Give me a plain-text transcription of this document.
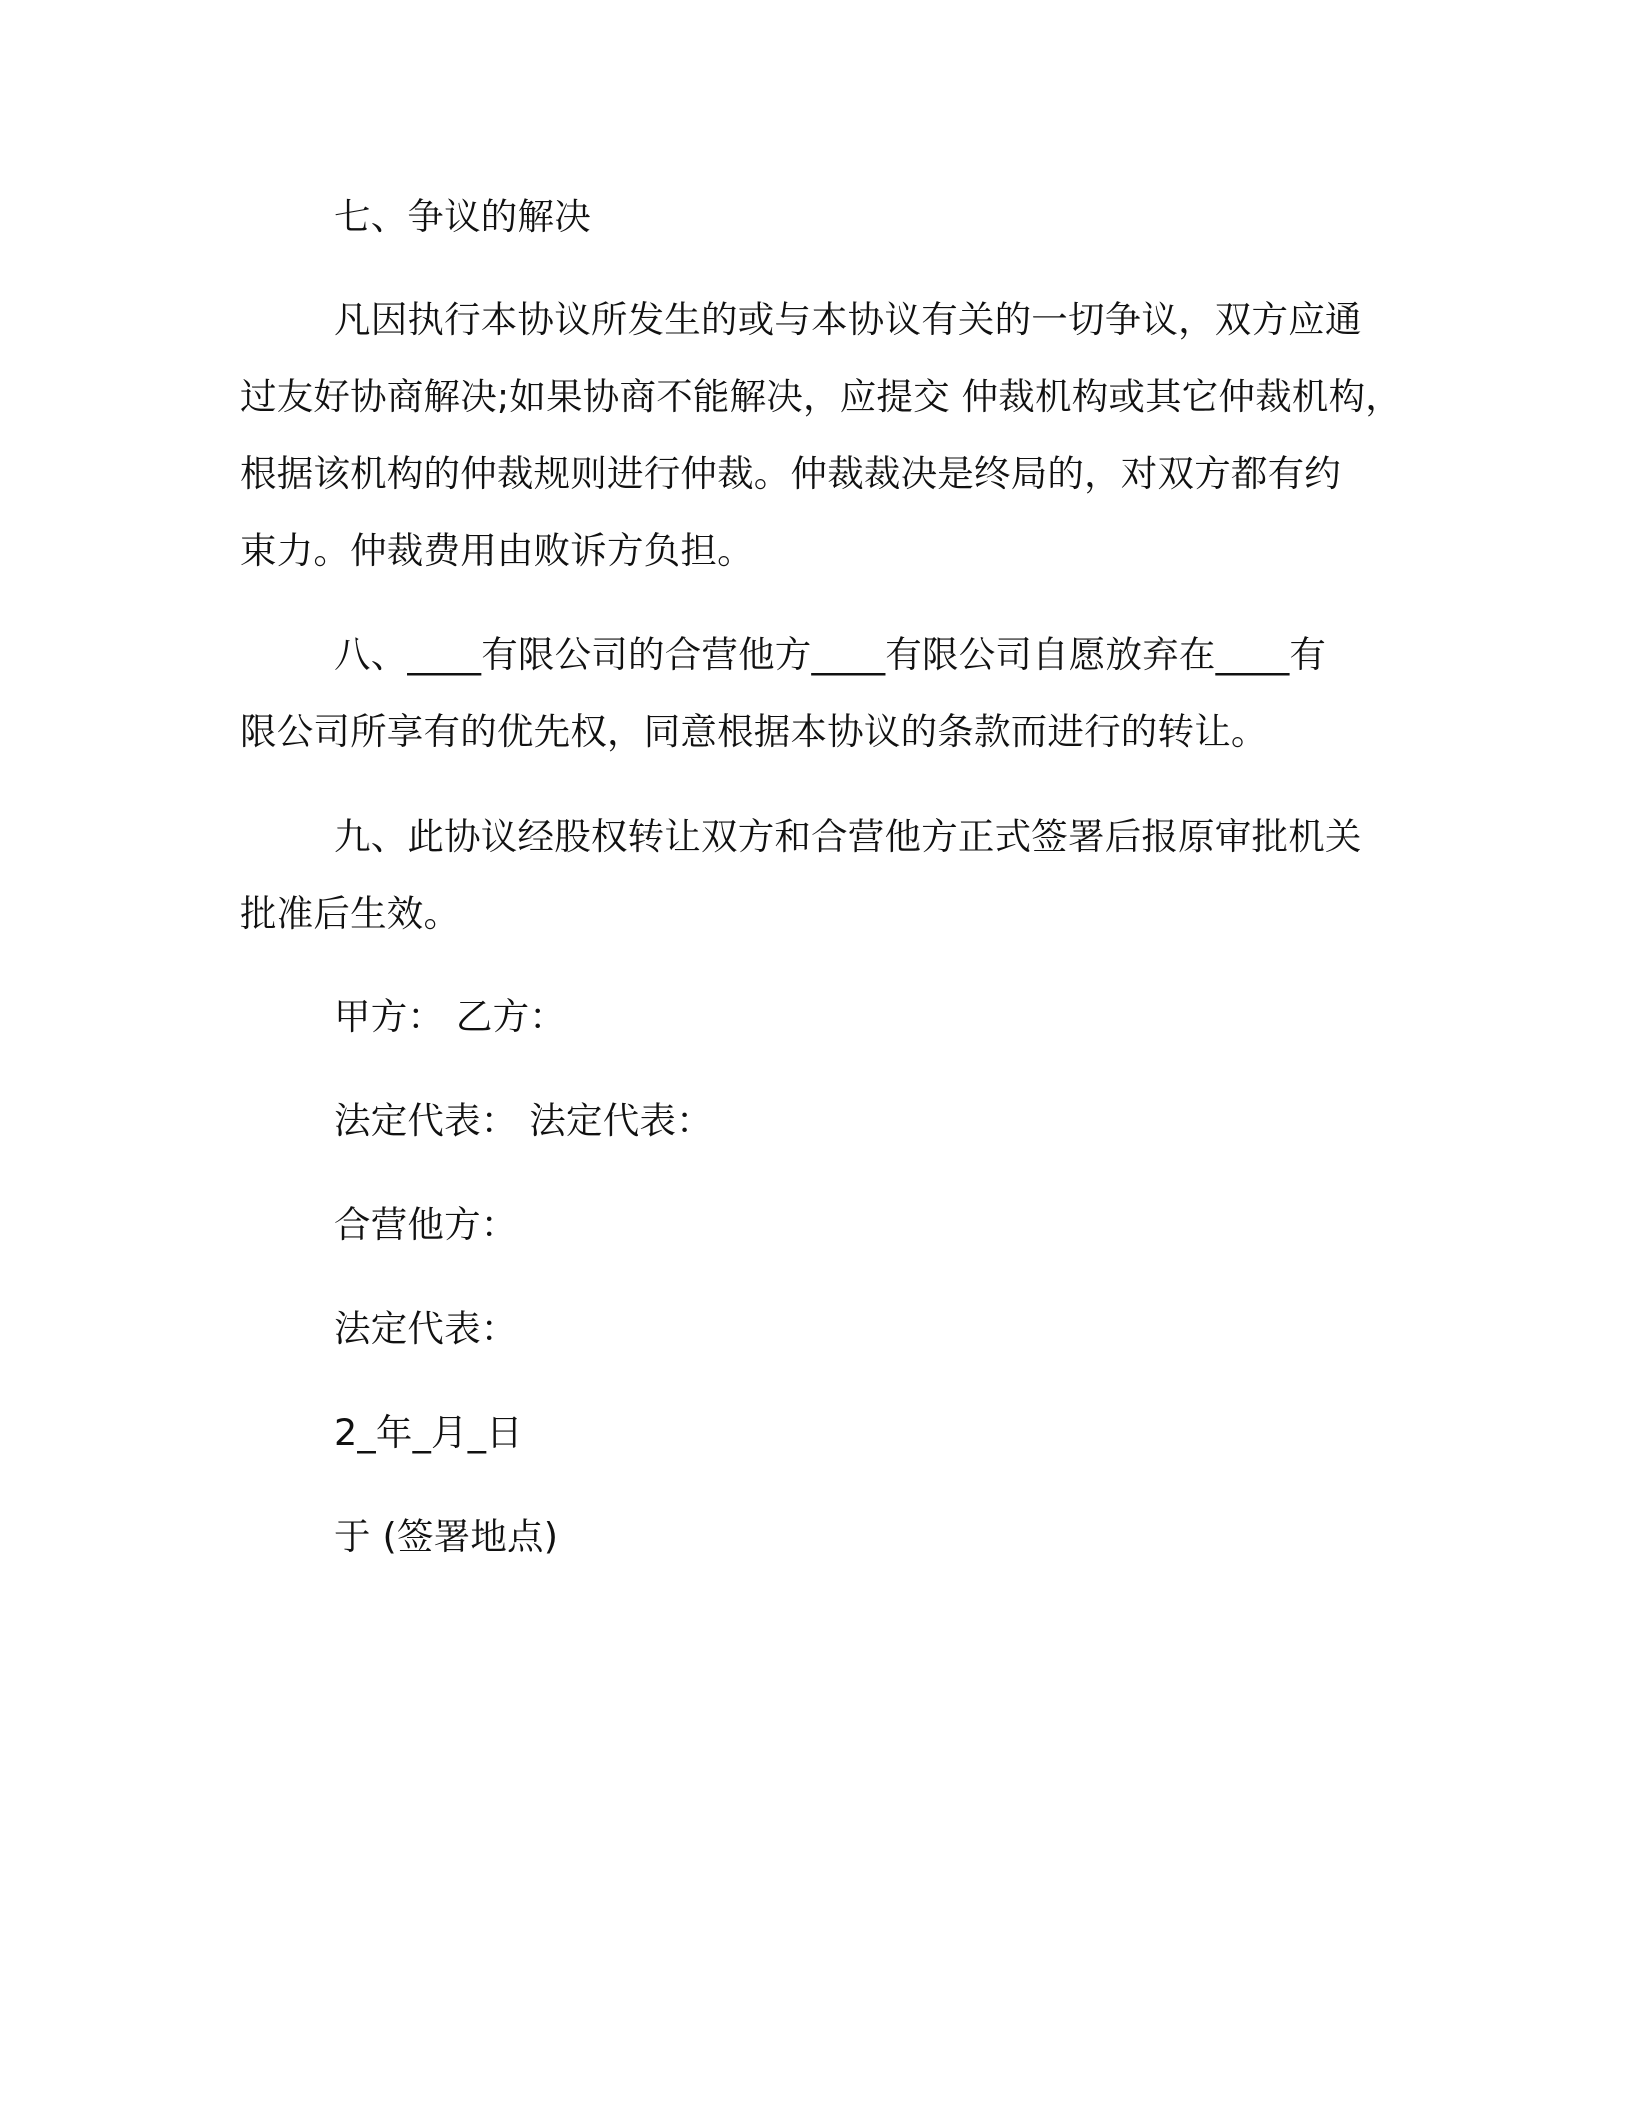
七、争议的解决
凡因执行本协议所发生的或与本协议有关的一切争议，双方应通
过友好协商解决;如果协商不能解决，应提交 仲裁机构或其它仲裁机构，
根据该机构的仲裁规则进行仲裁。仲裁裁决是终局的，对双方都有约
束力。仲裁费用由败诉方负担。
八、____有限公司的合营他方____有限公司自愿放弃在____有
限公司所享有的优先权，同意根据本协议的条款而进行的转让。
九、此协议经股权转让双方和合营他方正式签署后报原审批机关
批准后生效。
甲方： 乙方：
法定代表： 法定代表：
合营他方：
法定代表：
2_年_月_日
于 (签署地点)
